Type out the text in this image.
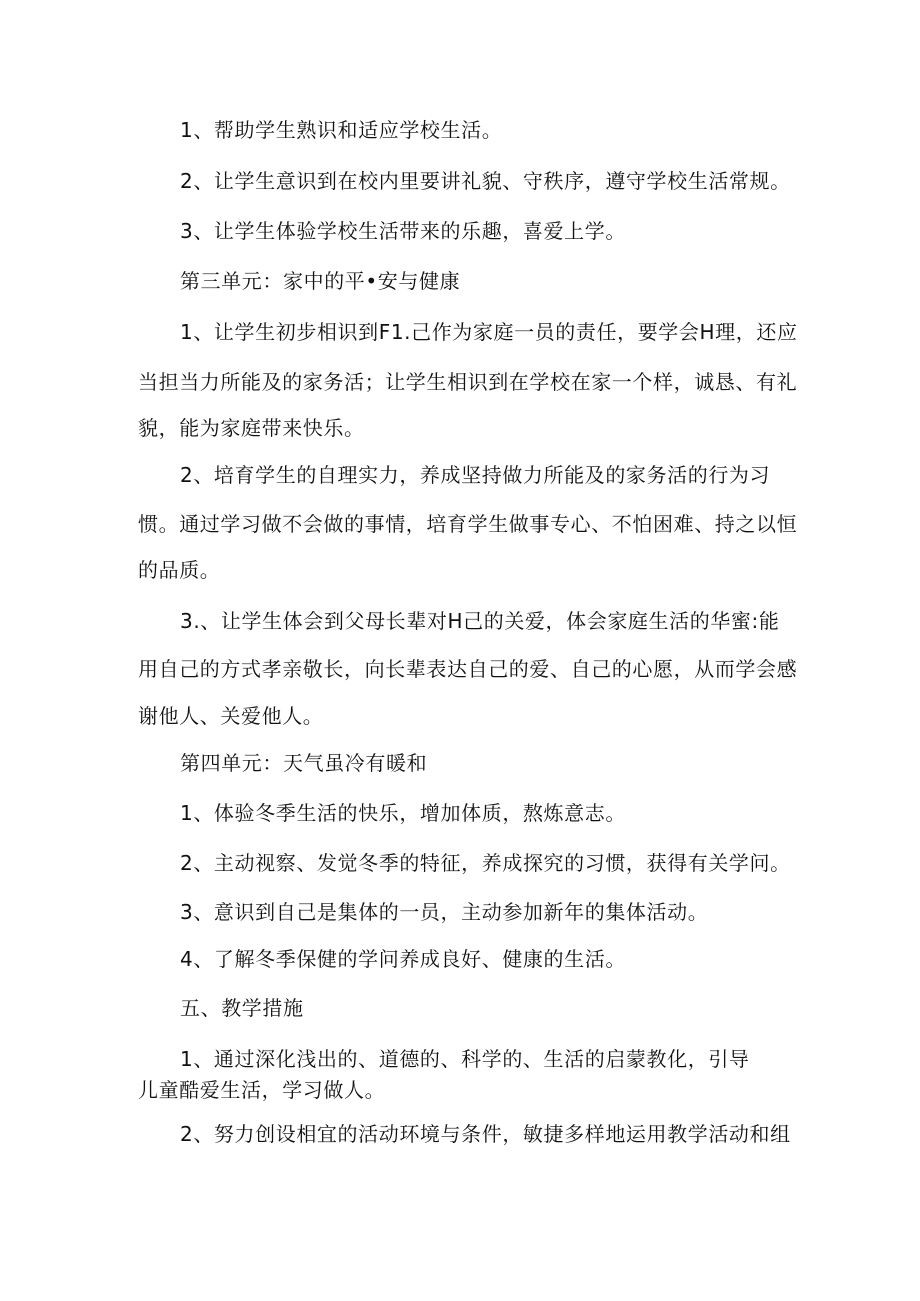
1、帮助学生熟识和适应学校生活。

2、让学生意识到在校内里要讲礼貌、守秩序，遵守学校生活常规。

3、让学生体验学校生活带来的乐趣，喜爱上学。

第三单元：家中的平•安与健康

1、让学生初步相识到F1.己作为家庭一员的责任，要学会H理，还应

当担当力所能及的家务活；让学生相识到在学校在家一个样，诚恳、有礼

貌，能为家庭带来快乐。

2、培育学生的自理实力，养成坚持做力所能及的家务活的行为习

惯。通过学习做不会做的事情，培育学生做事专心、不怕困难、持之以恒

的品质。

3.、让学生体会到父母长辈对H己的关爱，体会家庭生活的华蜜:能

用自己的方式孝亲敬长，向长辈表达自己的爱、自己的心愿，从而学会感

谢他人、关爱他人。

第四单元：天气虽冷有暖和

1、体验冬季生活的快乐，增加体质，熬炼意志。

2、主动视察、发觉冬季的特征，养成探究的习惯，获得有关学问。

3、意识到自己是集体的一员，主动参加新年的集体活动。

4、了解冬季保健的学问养成良好、健康的生活。

五、教学措施

1、通过深化浅出的、道德的、科学的、生活的启蒙教化，引导

儿童酷爱生活，学习做人。

2、努力创设相宜的活动环境与条件，敏捷多样地运用教学活动和组
